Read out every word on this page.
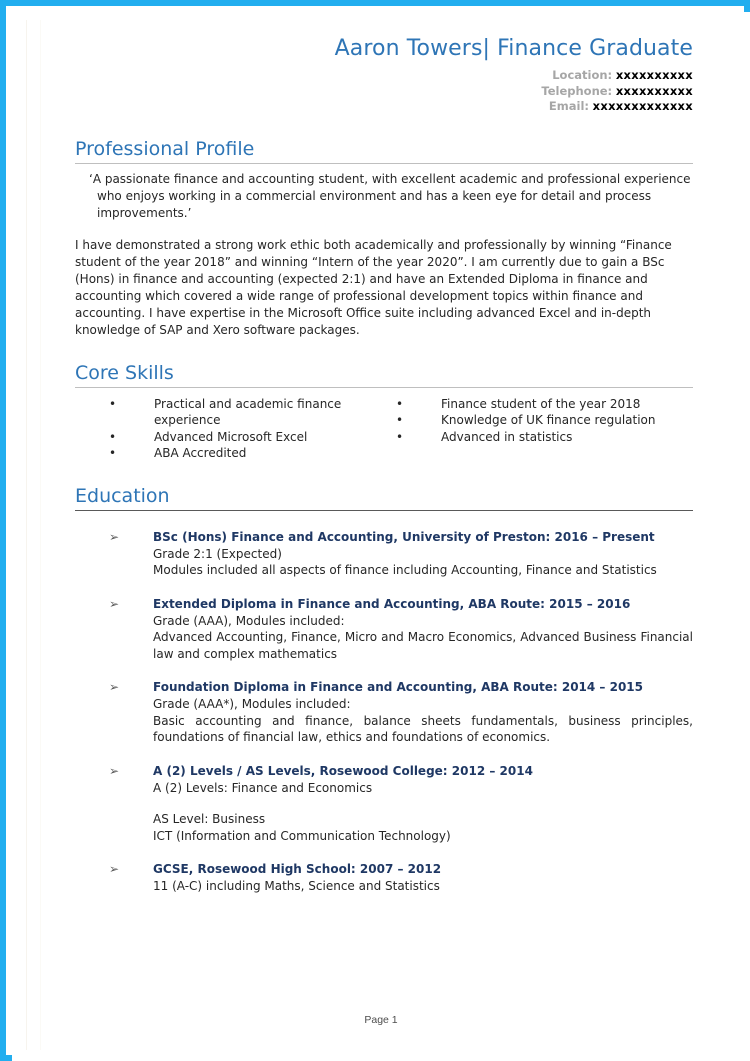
Aaron Towers| Finance Graduate
Location: xxxxxxxxxx
Telephone: xxxxxxxxxx
Email: xxxxxxxxxxxxx
Professional Profile
‘A passionate finance and accounting student, with excellent academic and professional experience who enjoys working in a commercial environment and has a keen eye for detail and process improvements.’
I have demonstrated a strong work ethic both academically and professionally by winning “Finance student of the year 2018” and winning “Intern of the year 2020”. I am currently due to gain a BSc (Hons) in finance and accounting (expected 2:1) and have an Extended Diploma in finance and accounting which covered a wide range of professional development topics within finance and accounting. I have expertise in the Microsoft Office suite including advanced Excel and in-depth knowledge of SAP and Xero software packages.
Core Skills
•	Practical and academic finance experience
•	Advanced Microsoft Excel
•	ABA Accredited
•	Finance student of the year 2018
•	Knowledge of UK finance regulation
•	Advanced in statistics
Education
➢	BSc (Hons) Finance and Accounting, University of Preston: 2016 – Present
Grade 2:1 (Expected)
Modules included all aspects of finance including Accounting, Finance and Statistics
➢	Extended Diploma in Finance and Accounting, ABA Route: 2015 – 2016
Grade (AAA), Modules included:
Advanced Accounting, Finance, Micro and Macro Economics, Advanced Business Financial law and complex mathematics
➢	Foundation Diploma in Finance and Accounting, ABA Route: 2014 – 2015
Grade (AAA*), Modules included:
Basic accounting and finance, balance sheets fundamentals, business principles, foundations of financial law, ethics and foundations of economics.
➢	A (2) Levels / AS Levels, Rosewood College: 2012 – 2014
A (2) Levels: Finance and Economics
AS Level: Business
ICT (Information and Communication Technology)
➢	GCSE, Rosewood High School: 2007 – 2012
11 (A-C) including Maths, Science and Statistics
Page 1
